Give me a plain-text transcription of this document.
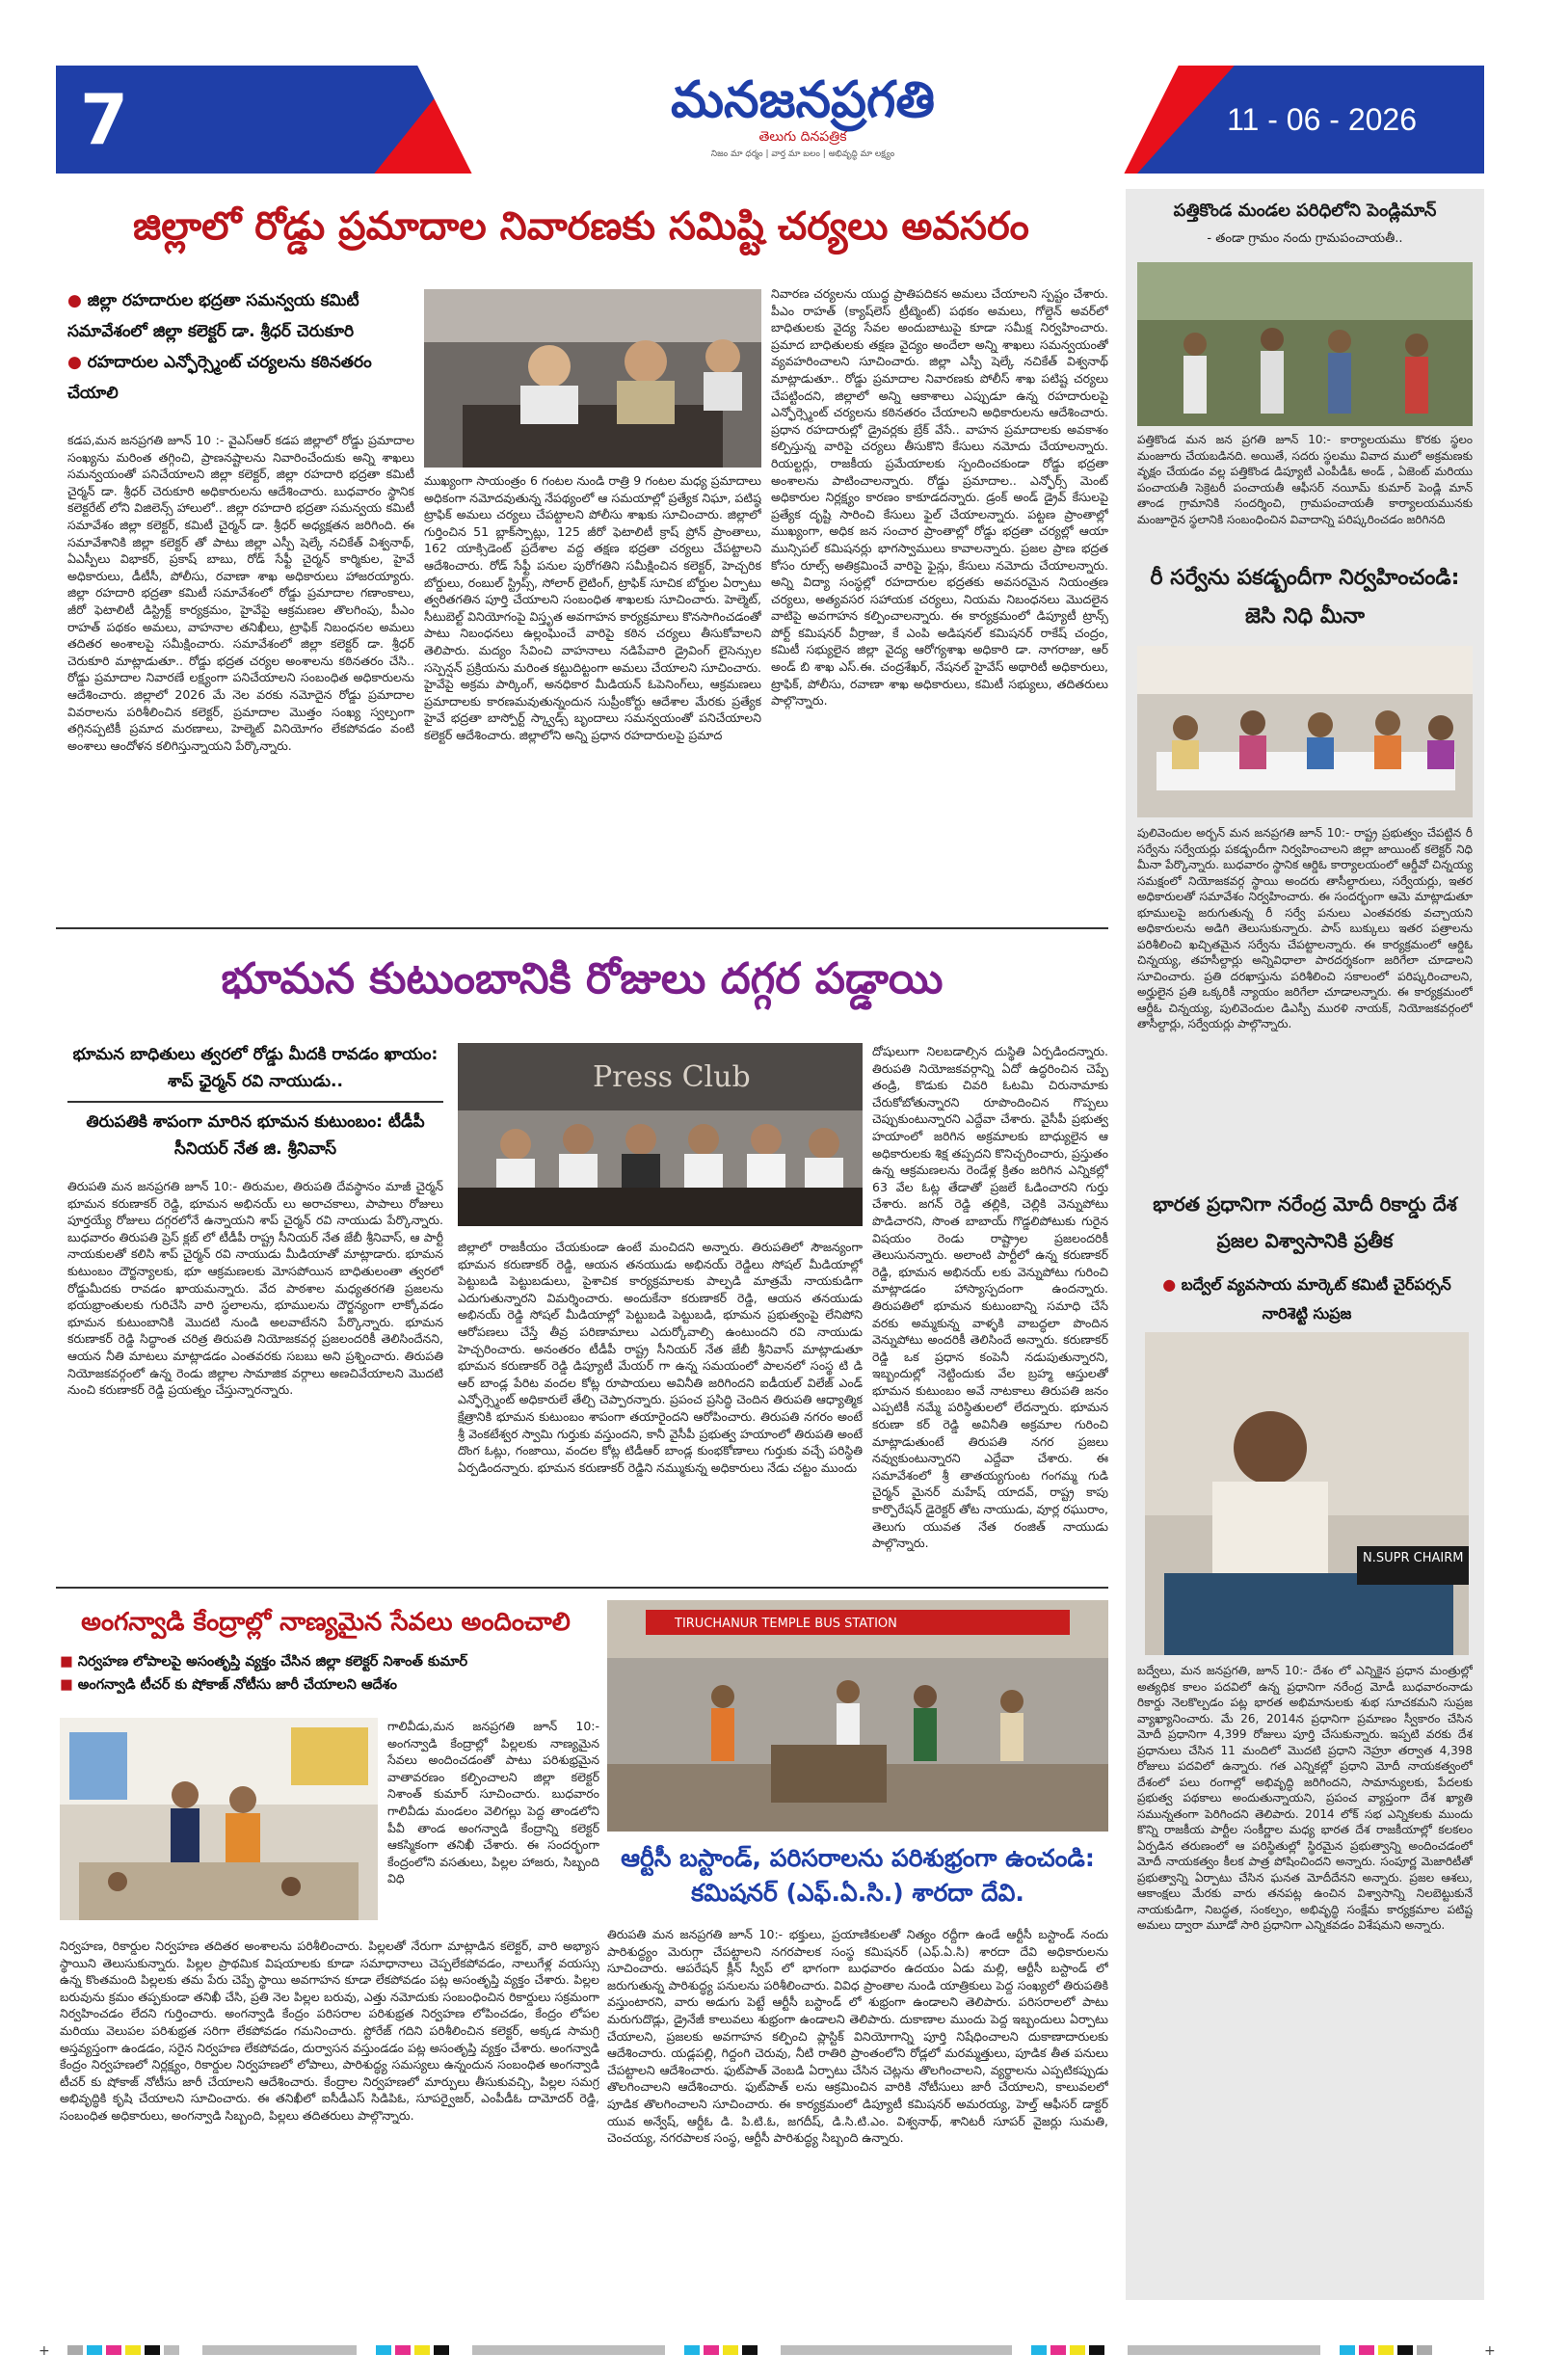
7	మనజనప్రగతి
తెలుగు దినపత్రిక
నిజం మా ధర్మం | వార్త మా బలం | అభివృద్ధి మా లక్ష్యం
11 - 06 - 2026
జిల్లాలో రోడ్డు ప్రమాదాల నివారణకు సమిష్టి చర్యలు అవసరం
● జిల్లా రహదారుల భద్రతా సమన్వయ కమిటీ సమావేశంలో జిల్లా కలెక్టర్ డా. శ్రీధర్ చెరుకూరి
● రహదారుల ఎన్ఫోర్స్మెంట్ చర్యలను కఠినతరం చేయాలి
కడప,మన జనప్రగతి జూన్ 10 :- వైఎస్ఆర్ కడప జిల్లాలో రోడ్డు ప్రమాదాల సంఖ్యను మరింత తగ్గించి, ప్రాణనష్టాలను నివారించేందుకు అన్ని శాఖలు సమన్వయంతో పనిచేయాలని జిల్లా కలెక్టర్, జిల్లా రహదారి భద్రతా కమిటీ చైర్మన్ డా. శ్రీధర్ చెరుకూరి అధికారులను ఆదేశించారు. బుధవారం స్థానిక కలెక్టరేట్ లోని విజిలెన్స్ హాలులో.. జిల్లా రహదారి భద్రతా సమన్వయ కమిటీ సమావేశం జిల్లా కలెక్టర్, కమిటీ చైర్మన్ డా. శ్రీధర్ అధ్యక్షతన జరిగింది. ఈ సమావేశానికి జిల్లా కలెక్టర్ తో పాటు జిల్లా ఎస్పీ షెల్కే నచికేత్ విశ్వనాథ్, ఏఎస్పీలు విభాకర్, ప్రకాష్ బాబు, రోడ్ సేఫ్టీ చైర్మన్ కార్మికుల, హైవే అధికారులు, డీటీసీ, పోలీసు, రవాణా శాఖ అధికారులు హాజరయ్యారు. జిల్లా రహదారి భద్రతా కమిటీ సమావేశంలో రోడ్డు ప్రమాదాల గణాంకాలు, జీరో ఫెటాలిటీ డిస్ట్రిక్ట్ కార్యక్రమం, హైవేపై ఆక్రమణల తొలగింపు, పీఎం రాహత్ పథకం అమలు, వాహనాల తనిఖీలు, ట్రాఫిక్ నిబంధనల అమలు తదితర అంశాలపై సమీక్షించారు. సమావేశంలో జిల్లా కలెక్టర్ డా. శ్రీధర్ చెరుకూరి మాట్లాడుతూ.. రోడ్డు భద్రత చర్యల అంశాలను కఠినతరం చేసి.. రోడ్డు ప్రమాదాల నివారణే లక్ష్యంగా పనిచేయాలని సంబంధిత అధికారులను ఆదేశించారు. జిల్లాలో 2026 మే నెల వరకు నమోదైన రోడ్డు ప్రమాదాల వివరాలను పరిశీలించిన కలెక్టర్, ప్రమాదాల మొత్తం సంఖ్య స్వల్పంగా తగ్గినప్పటికీ ప్రమాద మరణాలు, హెల్మెట్ వినియోగం లేకపోవడం వంటి అంశాలు ఆందోళన కలిగిస్తున్నాయని పేర్కొన్నారు.
ముఖ్యంగా సాయంత్రం 6 గంటల నుండి రాత్రి 9 గంటల మధ్య ప్రమాదాలు అధికంగా నమోదవుతున్న నేపథ్యంలో ఆ సమయాల్లో ప్రత్యేక నిఘా, పటిష్ఠ ట్రాఫిక్ అమలు చర్యలు చేపట్టాలని పోలీసు శాఖకు సూచించారు. జిల్లాలో గుర్తించిన 51 బ్లాక్‌స్పాట్లు, 125 జీరో ఫెటాలిటీ క్రాష్ ప్రోన్ ప్రాంతాలు, 162 యాక్సిడెంట్ ప్రదేశాల వద్ద తక్షణ భద్రతా చర్యలు చేపట్టాలని ఆదేశించారు. రోడ్ సేఫ్టీ పనుల పురోగతిని సమీక్షించిన కలెక్టర్, హెచ్చరిక బోర్డులు, రంబుల్ స్ట్రిప్స్, సోలార్ లైటింగ్, ట్రాఫిక్ సూచిక బోర్డుల ఏర్పాటు త్వరితగతిన పూర్తి చేయాలని సంబంధిత శాఖలకు సూచించారు. హెల్మెట్, సీటుబెల్ట్ వినియోగంపై విస్తృత అవగాహన కార్యక్రమాలు కొనసాగించడంతో పాటు నిబంధనలు ఉల్లంఘించే వారిపై కఠిన చర్యలు తీసుకోవాలని తెలిపారు. మద్యం సేవించి వాహనాలు నడిపేవారి డ్రైవింగ్ లైసెన్సుల సస్పెన్షన్ ప్రక్రియను మరింత కట్టుదిట్టంగా అమలు చేయాలని సూచించారు. హైవేపై అక్రమ పార్కింగ్, అనధికార మీడియన్ ఓపెనింగ్‌లు, ఆక్రమణలు ప్రమాదాలకు కారణమవుతున్నందున సుప్రీంకోర్టు ఆదేశాల మేరకు ప్రత్యేక హైవే భద్రతా బాస్పోర్ట్ స్క్వాడ్స్ బృందాలు సమన్వయంతో పనిచేయాలని కలెక్టర్ ఆదేశించారు. జిల్లాలోని అన్ని ప్రధాన రహదారులపై ప్రమాద
నివారణ చర్యలను యుద్ధ ప్రాతిపదికన అమలు చేయాలని స్పష్టం చేశారు. పీఎం రాహత్ (క్యాష్‌లెస్ ట్రీట్మెంట్) పథకం అమలు, గోల్డెన్ అవర్‌లో బాధితులకు వైద్య సేవల అందుబాటుపై కూడా సమీక్ష నిర్వహించారు. ప్రమాద బాధితులకు తక్షణ వైద్యం అందేలా అన్ని శాఖలు సమన్వయంతో వ్యవహరించాలని సూచించారు. జిల్లా ఎస్పీ షెల్కే నచికేత్ విశ్వనాథ్ మాట్లాడుతూ.. రోడ్డు ప్రమాదాల నివారణకు పోలీస్ శాఖ పటిష్ట చర్యలు చేపట్టిందని, జిల్లాలో అన్ని ఆకాశాలు ఎప్పుడూ ఉన్న రహదారులపై ఎన్ఫోర్స్మెంట్ చర్యలను కఠినతరం చేయాలని అధికారులను ఆదేశించారు. ప్రధాన రహదారుల్లో డ్రైవర్లకు బ్రేక్ వేసే.. వాహన ప్రమాదాలకు అవకాశం కల్పిస్తున్న వారిపై చర్యలు తీసుకొని కేసులు నమోదు చేయాలన్నారు. రియల్టర్లు, రాజకీయ ప్రమేయాలకు స్పందించకుండా రోడ్డు భద్రతా అంశాలను పాటించాలన్నారు. రోడ్డు ప్రమాదాల.. ఎన్ఫోర్స్ మెంట్ అధికారుల నిర్లక్ష్యం కారణం కాకూడదన్నారు. డ్రంక్ అండ్ డ్రైవ్ కేసులపై ప్రత్యేక దృష్టి సారించి కేసులు ఫైల్ చేయాలన్నారు. పట్టణ ప్రాంతాల్లో ముఖ్యంగా, అధిక జన సంచార ప్రాంతాల్లో రోడ్డు భద్రతా చర్యల్లో ఆయా మున్సిపల్ కమిషనర్లు భాగస్వాములు కావాలన్నారు. ప్రజల ప్రాణ భద్రత కోసం రూల్స్ అతిక్రమించే వారిపై ఫైన్లు, కేసులు నమోదు చేయాలన్నారు. అన్ని విద్యా సంస్థల్లో రహదారుల భద్రతకు అవసరమైన నియంత్రణ చర్యలు, అత్యవసర సహాయక చర్యలు, నియమ నిబంధనలు మొదలైన వాటిపై అవగాహన కల్పించాలన్నారు. ఈ కార్యక్రమంలో డిప్యూటీ ట్రాన్స్ పోర్ట్ కమిషనర్ వీర్రాజు, కే ఎంపి అడిషనల్ కమిషనర్ రాకేష్ చంద్రం, కమిటీ సభ్యులైన జిల్లా వైద్య ఆరోగ్యశాఖ అధికారి డా. నాగరాజు, ఆర్ అండ్ బి శాఖ ఎస్.ఈ. చంద్రశేఖర్, నేషనల్ హైవేస్ అథారిటీ అధికారులు, ట్రాఫిక్, పోలీసు, రవాణా శాఖ అధికారులు, కమిటీ సభ్యులు, తదితరులు పాల్గొన్నారు.
భూమన కుటుంబానికి రోజులు దగ్గర పడ్డాయి
భూమన బాధితులు త్వరలో రోడ్డు మీదకి రావడం ఖాయం: శాప్ ఛైర్మన్ రవి నాయుడు..
తిరుపతికి శాపంగా మారిన భూమన కుటుంబం: టీడీపీ సీనియర్ నేత జి. శ్రీనివాస్
Press Club
తిరుపతి మన జనప్రగతి జూన్ 10:- తిరుమల, తిరుపతి దేవస్థానం మాజీ చైర్మన్ భూమన కరుణాకర్ రెడ్డి, భూమన అభినయ్ లు అరాచకాలు, పాపాలు రోజులు పూర్తయ్యే రోజులు దగ్గరలోనే ఉన్నాయని శాప్ చైర్మన్ రవి నాయుడు పేర్కొన్నారు. బుధవారం తిరుపతి ప్రెస్ క్లబ్ లో టీడీపీ రాష్ట్ర సీనియర్ నేత జేబీ శ్రీనివాస్, ఆ పార్టీ నాయకులతో కలిసి శాప్ చైర్మన్ రవి నాయుడు మీడియాతో మాట్లాడారు. భూమన కుటుంబం దౌర్జన్యాలకు, భూ ఆక్రమణలకు మోసపోయిన బాధితులంతా త్వరలో రోడ్డుమీదకు రావడం ఖాయమన్నారు. వేద పాఠశాల మధ్యతరగతి ప్రజలను భయభ్రాంతులకు గురిచేసి వారి స్థలాలను, భూములను దౌర్జన్యంగా లాక్కోవడం భూమన కుటుంబానికి మొదటి నుండి అలవాటేనని పేర్కొన్నారు. భూమన కరుణాకర్ రెడ్డి సిద్ధాంత చరిత్ర తిరుపతి నియోజకవర్గ ప్రజలందరికీ తెలిసిందేనని, ఆయన నీతి మాటలు మాట్లాడడం ఎంతవరకు సబబు అని ప్రశ్నించారు. తిరుపతి నియోజకవర్గంలో ఉన్న రెండు జిల్లాల సామాజిక వర్గాలు అణచివేయాలని మొదటి నుంచి కరుణాకర్ రెడ్డి ప్రయత్నం చేస్తున్నారన్నారు.
జిల్లాలో రాజకీయం చేయకుండా ఉంటే మంచిదని అన్నారు. తిరుపతిలో సౌజన్యంగా భూమన కరుణాకర్ రెడ్డి, ఆయన తనయుడు అభినయ్ రెడ్డిలు సోషల్ మీడియాల్లో పెట్టుబడి పెట్టుబడులు, పైశాచిక కార్యక్రమాలకు పాల్పడి మాత్రమే నాయకుడిగా ఎదుగుతున్నారని విమర్శించారు. అందుకేనా కరుణాకర్ రెడ్డి, ఆయన తనయుడు అభినయ్ రెడ్డి సోషల్ మీడియాల్లో పెట్టుబడి పెట్టుబడి, భూమన ప్రభుత్వంపై లేనిపోని ఆరోపణలు చేస్తే తీవ్ర పరిణామాలు ఎదుర్కోవాల్సి ఉంటుందని రవి నాయుడు హెచ్చరించారు. అనంతరం టీడీపీ రాష్ట్ర సీనియర్ నేత జేబీ శ్రీనివాస్ మాట్లాడుతూ భూమన కరుణాకర్ రెడ్డి డిప్యూటీ మేయర్ గా ఉన్న సమయంలో పాలనలో సంస్థ టి డి ఆర్ బాండ్ల పేరిట వందల కోట్ల రూపాయలు అవినీతి జరిగిందని ఐడీయల్ విలేజ్ ఎండ్ ఎన్ఫోర్స్మెంట్ అధికారులే తేల్చి చెప్పారన్నారు. ప్రపంచ ప్రసిద్ధి చెందిన తిరుపతి ఆధ్యాత్మిక క్షేత్రానికి భూమన కుటుంబం శాపంగా తయారైందని ఆరోపించారు. తిరుపతి నగరం అంటే శ్రీ వెంకటేశ్వర స్వామి గుర్తుకు వస్తుందని, కానీ వైసీపీ ప్రభుత్వ హయాంలో తిరుపతి అంటే దొంగ ఓట్లు, గంజాయి, వందల కోట్ల టిడీఆర్ బాండ్ల కుంభకోణాలు గుర్తుకు వచ్చే పరిస్థితి ఏర్పడిందన్నారు. భూమన కరుణాకర్ రెడ్డిని నమ్ముకున్న అధికారులు నేడు చట్టం ముందు
దోషులుగా నిలబడాల్సిన దుస్థితి ఏర్పడిందన్నారు. తిరుపతి నియోజకవర్గాన్ని ఏదో ఉద్ధరించిన చెప్పే తండ్రి, కొడుకు చివరి ఓటమి చిరునామాకు చేరుకోబోతున్నారని రూపొందించిన గొప్పలు చెప్పుకుంటున్నారని ఎద్దేవా చేశారు. వైసీపీ ప్రభుత్వ హయాంలో జరిగిన అక్రమాలకు బాధ్యులైన ఆ అధికారులకు శిక్ష తప్పదని కొనిచ్చరించారు, ప్రస్తుతం ఉన్న ఆక్రమణలను రెండేళ్ల క్రితం జరిగిన ఎన్నికల్లో 63 వేల ఓట్ల తేడాతో ప్రజలే ఓడించారని గుర్తు చేశారు. జగన్ రెడ్డి తల్లికి, చెల్లికి వెన్నుపోటు పొడిచారని, సొంత బాబాయ్ గొడ్డలిపోటుకు గురైన విషయం రెండు రాష్ట్రాల ప్రజలందరికీ తెలుసునన్నారు. అలాంటి పార్టీలో ఉన్న కరుణాకర్ రెడ్డి, భూమన అభినయ్ లకు వెన్నుపోటు గురించి మాట్లాడడం హాస్యాస్పదంగా ఉందన్నారు. తిరుపతిలో భూమన కుటుంబాన్ని సమాధి చేసే వరకు అమ్మకున్న వాళ్ళకి వాబద్ధలా పొందిన వెన్నుపోటు అందరికీ తెలిసిందే అన్నారు. కరుణాకర్ రెడ్డి ఒక ప్రధాన కంపెనీ నడుపుతున్నారని, ఇబ్బందుల్లో నెట్టిందుకు వేల బ్రహ్మ ఆస్తులతో భూమన కుటుంబం అవే నాటకాలు తిరుపతి జనం ఎప్పటికీ నమ్మే పరిస్థితులలో లేదన్నారు. భూమన కరుణా కర్ రెడ్డి అవినీతి అక్రమాల గురించి మాట్లాడుతుంటే తిరుపతి నగర ప్రజలు నవ్వుకుంటున్నారని ఎద్దేవా చేశారు. ఈ సమావేశంలో శ్రీ తాతయ్యగుంట గంగమ్మ గుడి చైర్మన్ మైనర్ మహేష్ యాదవ్, రాష్ట్ర కాపు కార్పొరేషన్ డైరెక్టర్ తోట నాయుడు, వూర్ల రఘురాం, తెలుగు యువత నేత రంజిత్ నాయుడు పాల్గొన్నారు.
అంగన్వాడి కేంద్రాల్లో నాణ్యమైన సేవలు అందించాలి
■ నిర్వహణ లోపాలపై అసంతృప్తి వ్యక్తం చేసిన జిల్లా కలెక్టర్ నిశాంత్ కుమార్
■ అంగన్వాడి టీచర్ కు షోకాజ్ నోటీసు జారీ చేయాలని ఆదేశం
గాలివీడు,మన జనప్రగతి జూన్ 10:- అంగన్వాడి కేంద్రాల్లో పిల్లలకు నాణ్యమైన సేవలు అందించడంతో పాటు పరిశుభ్రమైన వాతావరణం కల్పించాలని జిల్లా కలెక్టర్ నిశాంత్ కుమార్ సూచించారు. బుధవారం గాలివీడు మండలం వెలిగల్లు పెద్ద తాండలోని పీవీ తాండ అంగన్వాడి కేంద్రాన్ని కలెక్టర్ ఆకస్మికంగా తనిఖీ చేశారు. ఈ సందర్భంగా కేంద్రంలోని వసతులు, పిల్లల హాజరు, సిబ్బంది విధి
నిర్వహణ, రికార్డుల నిర్వహణ తదితర అంశాలను పరిశీలించారు. పిల్లలతో నేరుగా మాట్లాడిన కలెక్టర్, వారి అభ్యాస స్థాయిని తెలుసుకున్నారు. పిల్లల ప్రాథమిక విషయాలకు కూడా సమాధానాలు చెప్పలేకపోవడం, నాలుగేళ్ల వయస్సు ఉన్న కొంతమంది పిల్లలకు తమ పేరు చెప్పే స్థాయి అవగాహన కూడా లేకపోవడం పట్ల అసంతృప్తి వ్యక్తం చేశారు. పిల్లల బరువును క్రమం తప్పకుండా తనిఖీ చేసి, ప్రతి నెల పిల్లల బరువు, ఎత్తు నమోదుకు సంబంధించిన రికార్డులు సక్రమంగా నిర్వహించడం లేదని గుర్తించారు. అంగన్వాడి కేంద్రం పరిసరాల పరిశుభ్రత నిర్వహణ లోపించడం, కేంద్రం లోపల మరియు వెలుపల పరిశుభ్రత సరిగా లేకపోవడం గమనించారు. స్టోరేజ్ గదిని పరిశీలించిన కలెక్టర్, అక్కడ సామగ్రి అస్తవ్యస్తంగా ఉండడం, సరైన నిర్వహణ లేకపోవడం, దుర్వాసన వస్తుండడం పట్ల అసంతృప్తి వ్యక్తం చేశారు. అంగన్వాడి కేంద్రం నిర్వహణలో నిర్లక్ష్యం, రికార్డుల నిర్వహణలో లోపాలు, పారిశుద్ధ్య సమస్యలు ఉన్నందున సంబంధిత అంగన్వాడి టీచర్ కు షోకాజ్ నోటీసు జారీ చేయాలని ఆదేశించారు. కేంద్రాల నిర్వహణలో మార్పులు తీసుకువచ్చి, పిల్లల సమగ్ర అభివృద్ధికి కృషి చేయాలని సూచించారు. ఈ తనిఖీలో ఐసీడీఎస్ సిడిపిఓ, సూపర్వైజర్, ఎంపీడీఓ దామోదర్ రెడ్డి, సంబంధిత అధికారులు, అంగన్వాడి సిబ్బంది, పిల్లలు తదితరులు పాల్గొన్నారు.
TIRUCHANUR TEMPLE BUS STATION
ఆర్టీసీ బస్టాండ్, పరిసరాలను పరిశుభ్రంగా ఉంచండి: కమిషనర్ (ఎఫ్.ఏ.సి.) శారదా దేవి.
తిరుపతి మన జనప్రగతి జూన్ 10:- భక్తులు, ప్రయాణికులతో నిత్యం రద్దీగా ఉండే ఆర్టీసీ బస్టాండ్ నందు పారిశుద్ధ్యం మెరుగ్గా చేపట్టాలని నగరపాలక సంస్థ కమిషనర్ (ఎఫ్.ఏ.సి) శారదా దేవి అధికారులను సూచించారు. ఆపరేషన్ క్లీన్ స్వీప్ లో భాగంగా బుధవారం ఉదయం ఏడు మల్లి, ఆర్టీసీ బస్టాండ్ లో జరుగుతున్న పారిశుద్ధ్య పనులను పరిశీలించారు. వివిధ ప్రాంతాల నుండి యాత్రికులు పెద్ద సంఖ్యలో తిరుపతికి వస్తుంటారని, వారు అడుగు పెట్టే ఆర్టీసీ బస్టాండ్ లో శుభ్రంగా ఉండాలని తెలిపారు. పరిసరాలలో పాటు మరుగుదొడ్లు, డ్రైనేజీ కాలువలు శుభ్రంగా ఉండాలని తెలిపారు. దుకాణాల ముందు పెద్ద ఇబ్బందులు ఏర్పాటు చేయాలని, ప్రజలకు అవగాహన కల్పించి ప్లాస్టిక్ వినియోగాన్ని పూర్తి నిషేధించాలని దుకాణాదారులకు ఆదేశించారు. యడ్లపల్లి, గిద్దంగి చెరువు, నీటి రాతిరి ప్రాంతంలోని రోడ్లలో మరమ్మత్తులు, పూడిక తీత పనులు చేపట్టాలని ఆదేశించారు. ఫుట్‌పాత్ వెంబడి ఏర్పాటు చేసిన చెట్లను తొలగించాలని, వ్యర్థాలను ఎప్పటికప్పుడు తొలగించాలని ఆదేశించారు. ఫుట్‌పాత్ లను ఆక్రమించిన వారికి నోటీసులు జారీ చేయాలని, కాలువలలో పూడిక తొలగించాలని సూచించారు. ఈ కార్యక్రమంలో డిప్యూటీ కమిషనర్ అమరయ్య, హెల్త్ ఆఫీసర్ డాక్టర్ యువ అన్వేష్, ఆర్డీఓ డి. పి.టి.ఓ, జగదీష్, డి.సి.టి.ఎం. విశ్వనాథ్, శానిటరీ సూపర్ వైజర్లు సుమతి, చెంచయ్య, నగరపాలక సంస్థ, ఆర్టీసీ పారిశుద్ధ్య సిబ్బంది ఉన్నారు.
పత్తికొండ మండల పరిధిలోని పెండ్లిమాన్
- తండా గ్రామం నందు గ్రామపంచాయతీ..
పత్తికొండ మన జన ప్రగతి జూన్ 10:- కార్యాలయము కొరకు స్థలం మంజూరు చేయబడినది. అయితే, సదరు స్థలము వివాద ములో అక్రమణకు వృక్షం చేయడం వల్ల పత్తికొండ డిప్యూటీ ఎంపీడీఓ అండ్ , ఏజెంట్ మరియు పంచాయతీ సెక్రెటరీ పంచాయతీ ఆఫీసర్ నయీమ్ కుమార్ పెండ్లి మాన్ తాండ గ్రామానికి సందర్శించి, గ్రామపంచాయతీ కార్యాలయమునకు మంజూరైన స్థలానికి సంబంధించిన వివాదాన్ని పరిష్కరించడం జరిగినది
రీ సర్వేను పకడ్బందీగా నిర్వహించండి: జెసి నిధి మీనా
పులివెందుల అర్బన్ మన జనప్రగతి జూన్ 10:- రాష్ట్ర ప్రభుత్వం చేపట్టిన రీ సర్వేను సర్వేయర్లు పకడ్బందీగా నిర్వహించాలని జిల్లా జాయింట్ కలెక్టర్ నిధి మీనా పేర్కొన్నారు. బుధవారం స్థానిక ఆర్డిఓ కార్యాలయంలో ఆర్డీవో చిన్నయ్య సమక్షంలో నియోజకవర్గ స్థాయి అందరు తాసీల్దారులు, సర్వేయర్లు, ఇతర అధికారులతో సమావేశం నిర్వహించారు. ఈ సందర్భంగా ఆమె మాట్లాడుతూ భూములపై జరుగుతున్న రీ సర్వే పనులు ఎంతవరకు వచ్చాయని అధికారులను అడిగి తెలుసుకున్నారు. పాస్ బుక్కులు ఇతర పత్రాలను పరిశీలించి ఖచ్చితమైన సర్వేను చేపట్టాలన్నారు. ఈ కార్యక్రమంలో ఆర్డిఓ చిన్నయ్య, తహసీల్దార్లు అన్నివిధాలా పారదర్శకంగా జరిగేలా చూడాలని సూచించారు. ప్రతి దరఖాస్తును పరిశీలించి సకాలంలో పరిష్కరించాలని, అర్హులైన ప్రతి ఒక్కరికీ న్యాయం జరిగేలా చూడాలన్నారు. ఈ కార్యక్రమంలో ఆర్డీఓ చిన్నయ్య, పులివెందుల డిఎస్పీ మురళి నాయక్, నియోజకవర్గంలో తాసీల్దార్లు, సర్వేయర్లు పాల్గొన్నారు.
భారత ప్రధానిగా నరేంద్ర మోదీ రికార్డు దేశ ప్రజల విశ్వాసానికి ప్రతీక
● బద్వేల్ వ్యవసాయ మార్కెట్ కమిటీ చైర్‌పర్సన్ నారిశెట్టి సుప్రజ
N.SUPR CHAIRM
బద్వేలు, మన జనప్రగతి, జూన్ 10:- దేశం లో ఎన్నికైన ప్రధాన మంత్రుల్లో అత్యధిక కాలం పదవిలో ఉన్న ప్రధానిగా నరేంద్ర మోడీ బుధవారంనాడు రికార్డు నెలకొల్పడం పట్ల భారత అభిమానులకు శుభ సూచకమని సుప్రజ వ్యాఖ్యానించారు. మే 26, 2014న ప్రధానిగా ప్రమాణం స్వీకారం చేసిన మోదీ ప్రధానిగా 4,399 రోజులు పూర్తి చేసుకున్నారు. ఇప్పటి వరకు దేశ ప్రధానులు చేసిన 11 మందిలో మొదటి ప్రధాని నెహ్రూ తర్వాత 4,398 రోజులు పదవిలో ఉన్నారు. గత ఎన్నికల్లో ప్రధాని మోదీ నాయకత్వంలో దేశంలో పలు రంగాల్లో అభివృద్ధి జరిగిందని, సామాన్యులకు, పేదలకు ప్రభుత్వ పథకాలు అందుతున్నాయని, ప్రపంచ వ్యాప్తంగా దేశ ఖ్యాతి సమున్నతంగా పెరిగిందని తెలిపారు. 2014 లోక్ సభ ఎన్నికలకు ముందు కొన్ని రాజకీయ పార్టీల సంకీర్ణాల మధ్య భారత దేశ రాజకీయాల్లో కలకలం ఏర్పడిన తరుణంలో ఆ పరిస్థితుల్లో స్థిరమైన ప్రభుత్వాన్ని అందించడంలో మోదీ నాయకత్వం కీలక పాత్ర పోషించిందని అన్నారు. సంపూర్ణ మెజారిటీతో ప్రభుత్వాన్ని ఏర్పాటు చేసిన ఘనత మోదీదేనని అన్నారు. ప్రజల ఆశలు, ఆకాంక్షలు మేరకు వారు తనపట్ల ఉంచిన విశ్వాసాన్ని నిలబెట్టుకునే నాయకుడిగా, నిబద్ధత, సంకల్పం, అభివృద్ధి సంక్షేమ కార్యక్రమాల పటిష్ట అమలు ద్వారా మూడో సారి ప్రధానిగా ఎన్నికవడం విశేషమని అన్నారు.
+	+
